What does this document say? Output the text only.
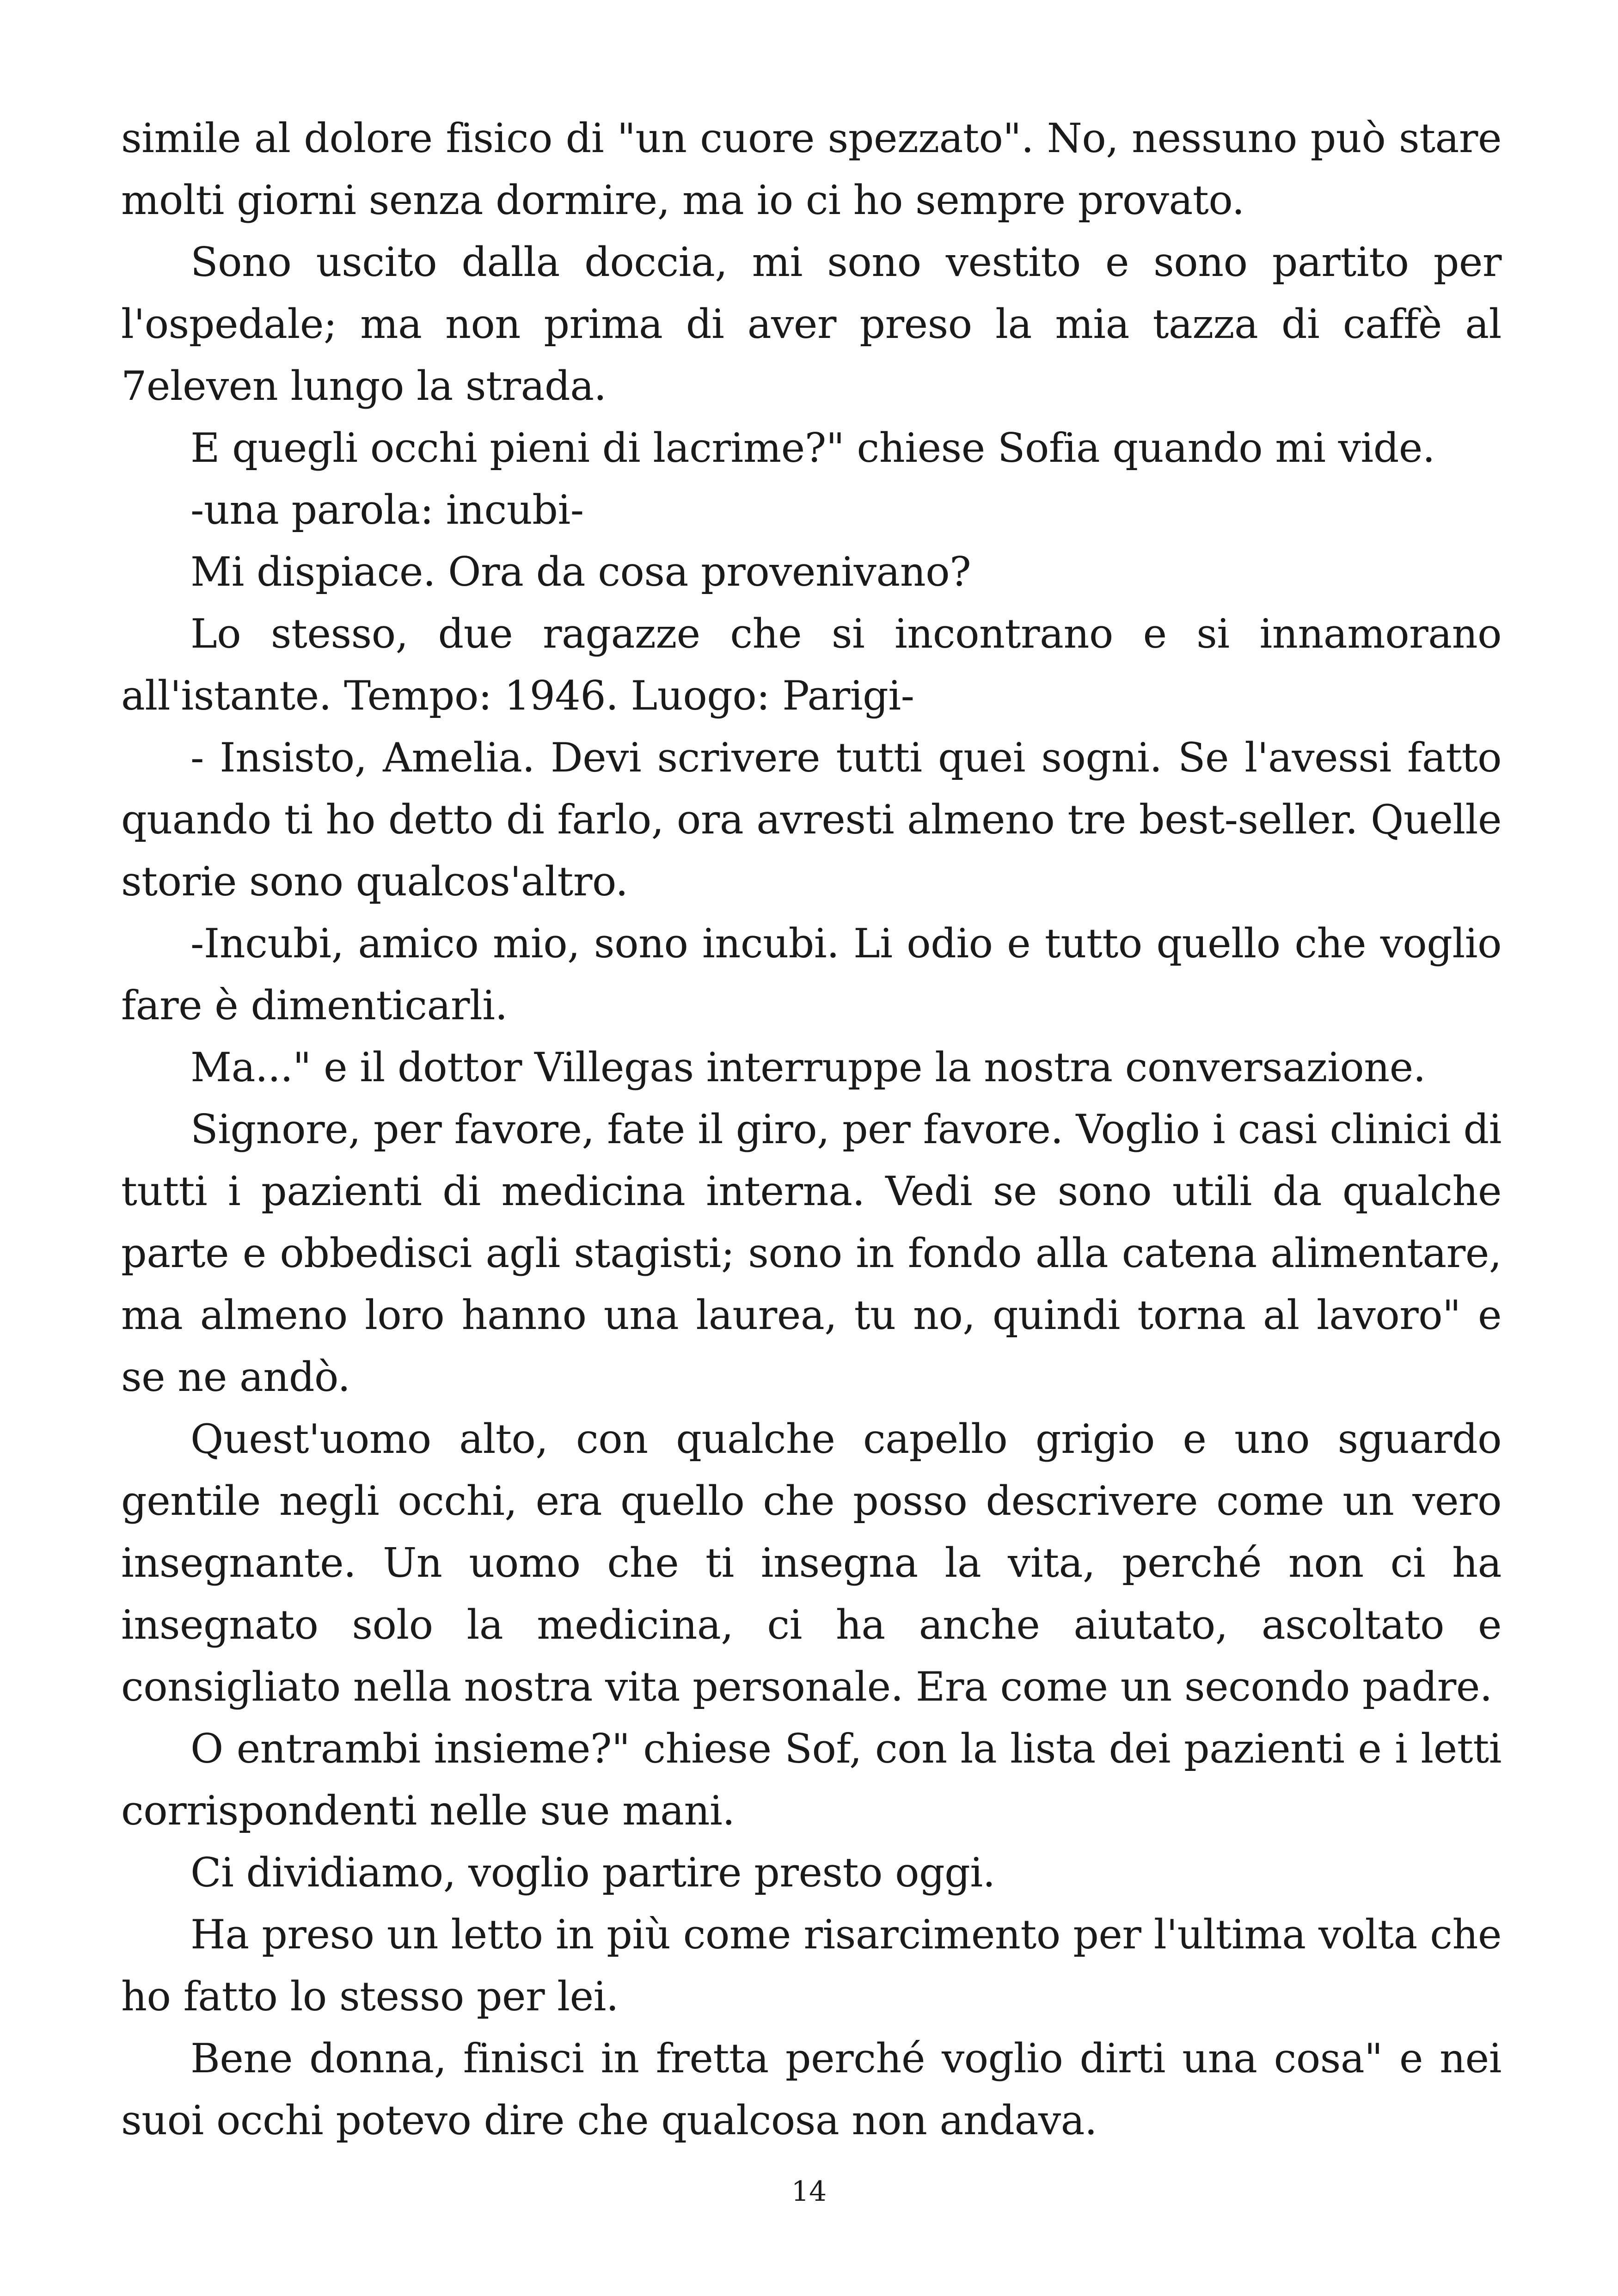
simile al dolore fisico di "un cuore spezzato". No, nessuno può stare molti giorni senza dormire, ma io ci ho sempre provato.

Sono uscito dalla doccia, mi sono vestito e sono partito per l'ospedale; ma non prima di aver preso la mia tazza di caffè al 7eleven lungo la strada.

E quegli occhi pieni di lacrime?" chiese Sofia quando mi vide.

-una parola: incubi-

Mi dispiace. Ora da cosa provenivano?

Lo stesso, due ragazze che si incontrano e si innamorano all'istante. Tempo: 1946. Luogo: Parigi-

- Insisto, Amelia. Devi scrivere tutti quei sogni. Se l'avessi fatto quando ti ho detto di farlo, ora avresti almeno tre best-seller. Quelle storie sono qualcos'altro.

-Incubi, amico mio, sono incubi. Li odio e tutto quello che voglio fare è dimenticarli.

Ma..." e il dottor Villegas interruppe la nostra conversazione.

Signore, per favore, fate il giro, per favore. Voglio i casi clinici di tutti i pazienti di medicina interna. Vedi se sono utili da qualche parte e obbedisci agli stagisti; sono in fondo alla catena alimentare, ma almeno loro hanno una laurea, tu no, quindi torna al lavoro" e se ne andò.

Quest'uomo alto, con qualche capello grigio e uno sguardo gentile negli occhi, era quello che posso descrivere come un vero insegnante. Un uomo che ti insegna la vita, perché non ci ha insegnato solo la medicina, ci ha anche aiutato, ascoltato e consigliato nella nostra vita personale. Era come un secondo padre.

O entrambi insieme?" chiese Sof, con la lista dei pazienti e i letti corrispondenti nelle sue mani.

Ci dividiamo, voglio partire presto oggi.

Ha preso un letto in più come risarcimento per l'ultima volta che ho fatto lo stesso per lei.

Bene donna, finisci in fretta perché voglio dirti una cosa" e nei suoi occhi potevo dire che qualcosa non andava.

14
